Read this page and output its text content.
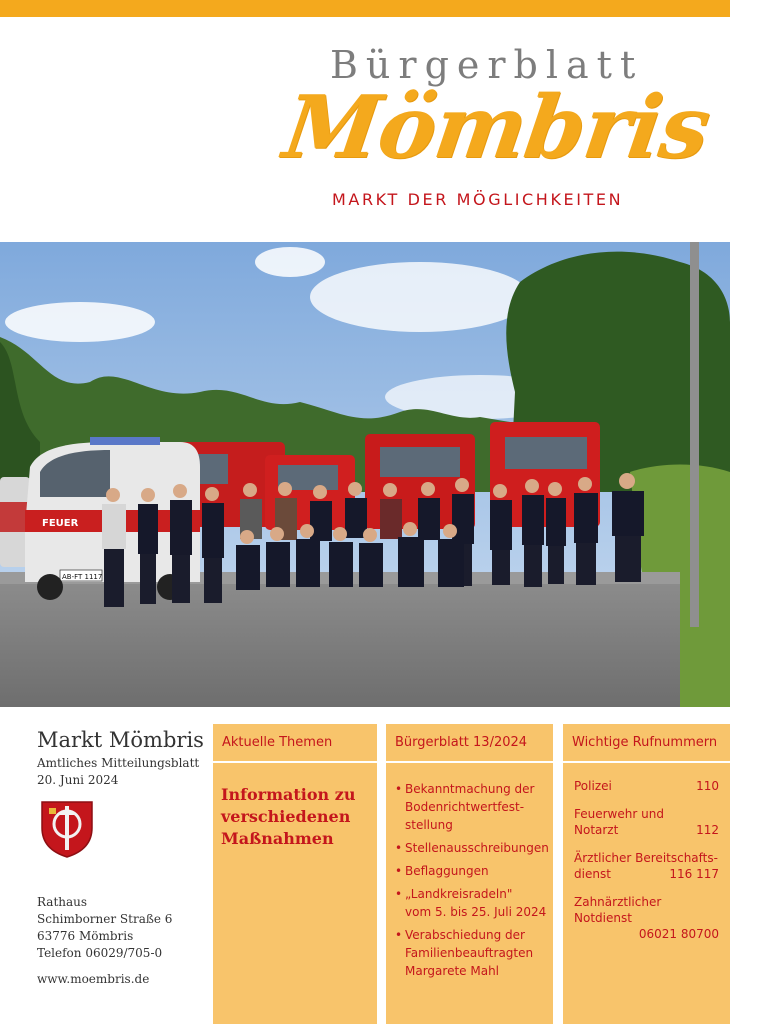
Bürgerblatt
Mömbris
MARKT DER MÖGLICHKEITEN
FEUER
AB-FT 1117
Markt Mömbris
Amtliches Mitteilungsblatt
20. Juni 2024
Rathaus
Schimborner Straße 6
63776 Mömbris
Telefon 06029/705-0
www.moembris.de
Aktuelle Themen
Information zu verschiedenen Maßnahmen
Bürgerblatt 13/2024
• Bekanntmachung der
Bodenrichtwertfest-
stellung
• Stellenausschreibungen
• Beflaggungen
• „Landkreisradeln"
vom 5. bis 25. Juli 2024
• Verabschiedung der
Familienbeauftragten
Margarete Mahl
Wichtige Rufnummern
Polizei	110
Feuerwehr und
Notarzt	112
Ärztlicher Bereitschafts-
dienst	116 117
Zahnärztlicher Notdienst
06021 80700
